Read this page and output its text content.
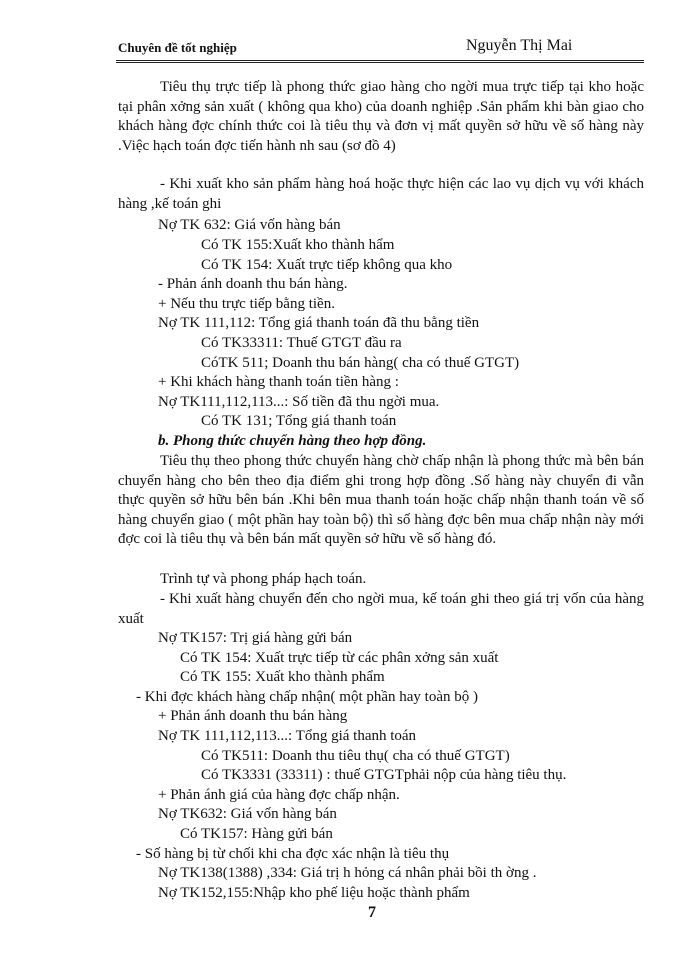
Chuyên đề tốt nghiệp	Nguyễn Thị Mai
Tiêu thụ trực tiếp là phong thức giao hàng cho ngời mua trực tiếp tại kho hoặc tại phân xởng sản xuất ( không qua kho) của doanh nghiệp .Sản phẩm khi bàn giao cho khách hàng đợc chính thức coi là tiêu thụ và đơn vị mất quyền sở hữu về số hàng này .Việc hạch toán đợc tiến hành nh sau (sơ đồ 4)
- Khi xuất kho sản phẩm hàng hoá hoặc thực hiện các lao vụ dịch vụ với khách hàng ,kế toán ghi
Nợ TK 632: Giá vốn hàng bán
Có TK 155:Xuất kho thành hẩm
Có TK 154: Xuất trực tiếp không qua kho
- Phản ánh doanh thu bán hàng.
+ Nếu thu trực tiếp bằng tiền.
Nợ TK 111,112: Tổng giá thanh toán đã thu bằng tiền
Có TK33311: Thuế GTGT đầu ra
CóTK 511; Doanh thu bán hàng( cha có thuế GTGT)
+ Khi khách hàng thanh toán tiền hàng :
Nợ TK111,112,113...: Số tiền đã thu ngời mua.
Có TK 131; Tổng giá thanh toán
b. Phong thức chuyển hàng theo hợp đồng.
Tiêu thụ theo phong thức chuyển hàng chờ chấp nhận là phong thức mà bên bán chuyển hàng cho bên theo địa điểm ghi trong hợp đồng .Số hàng này chuyển đi vẫn thực quyền sở hữu bên bán .Khi bên mua thanh toán hoặc chấp nhận thanh toán về số hàng chuyển giao ( một phần hay toàn bộ) thì số hàng đợc bên mua chấp nhận này mới đợc coi là tiêu thụ và bên bán mất quyền sở hữu về số hàng đó.
Trình tự và phong pháp hạch toán.
- Khi xuất hàng chuyển đến cho ngời mua, kế toán ghi theo giá trị vốn của hàng xuất
Nợ TK157: Trị giá hàng gửi bán
Có TK 154: Xuất trực tiếp từ các phân xởng sản xuất
Có TK 155: Xuất kho thành phẩm
- Khi đợc khách hàng chấp nhận( một phần hay toàn bộ )
+ Phản ánh doanh thu bán hàng
Nợ TK 111,112,113...: Tổng giá thanh toán
Có TK511: Doanh thu tiêu thụ( cha có thuế GTGT)
Có TK3331 (33311) : thuế GTGTphải nộp của hàng tiêu thụ.
+ Phản ánh giá của hàng đợc chấp nhận.
Nợ TK632: Giá vốn hàng bán
Có TK157: Hàng gửi bán
- Số hàng bị từ chối khi cha đợc xác nhận là tiêu thụ
Nợ TK138(1388) ,334: Giá trị h hỏng cá nhân phải bồi th ờng .
Nợ TK152,155:Nhập kho phế liệu hoặc thành phẩm
7
